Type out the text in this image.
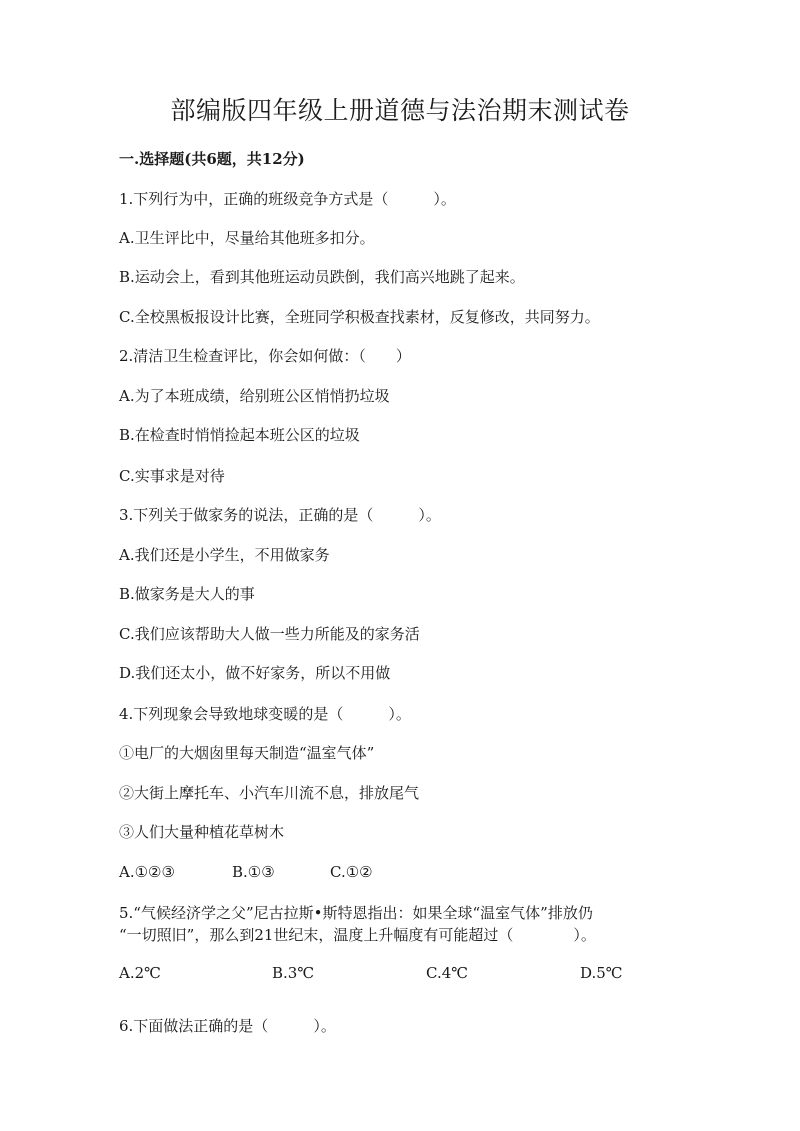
部编版四年级上册道德与法治期末测试卷

一.选择题(共6题，共12分)

1.下列行为中，正确的班级竞争方式是（　　　）。

A.卫生评比中，尽量给其他班多扣分。

B.运动会上，看到其他班运动员跌倒，我们高兴地跳了起来。

C.全校黑板报设计比赛，全班同学积极查找素材，反复修改，共同努力。

2.清洁卫生检查评比，你会如何做：（　　）

A.为了本班成绩，给别班公区悄悄扔垃圾

B.在检查时悄悄捡起本班公区的垃圾

C.实事求是对待

3.下列关于做家务的说法，正确的是（　　　）。

A.我们还是小学生，不用做家务

B.做家务是大人的事

C.我们应该帮助大人做一些力所能及的家务活

D.我们还太小，做不好家务，所以不用做

4.下列现象会导致地球变暖的是（　　　）。

①电厂的大烟囱里每天制造“温室气体”

②大街上摩托车、小汽车川流不息，排放尾气

③人们大量种植花草树木

A.①②③	B.①③	C.①②

5.“气候经济学之父”尼古拉斯•斯特恩指出：如果全球“温室气体”排放仍

“一切照旧”，那么到21世纪末，温度上升幅度有可能超过（　　　　）。

A.2℃	B.3℃	C.4℃	D.5℃

6.下面做法正确的是（　　　）。
